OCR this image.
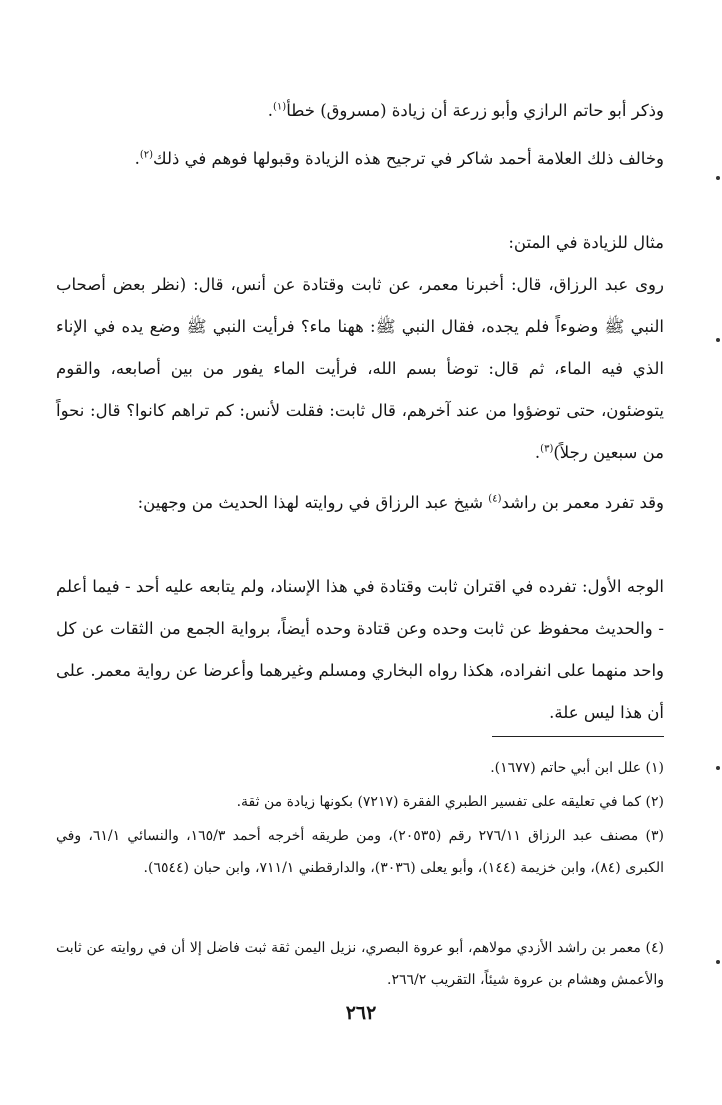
وذكر أبو حاتم الرازي وأبو زرعة أن زيادة (مسروق) خطأ$^{(١)}$.

وخالف ذلك العلامة أحمد شاكر في ترجيح هذه الزيادة وقبولها فوهم في ذلك$^{(٢)}$.

مثال للزيادة في المتن:

روى عبد الرزاق، قال: أخبرنا معمر، عن ثابت وقتادة عن أنس، قال: (نظر بعض أصحاب النبي ﷺ وضوءاً فلم يجده، فقال النبي ﷺ: ههنا ماء؟ فرأيت النبي ﷺ وضع يده في الإناء الذي فيه الماء، ثم قال: توضأ بسم الله، فرأيت الماء يفور من بين أصابعه، والقوم يتوضئون، حتى توضؤوا من عند آخرهم، قال ثابت: فقلت لأنس: كم تراهم كانوا؟ قال: نحواً من سبعين رجلاً)$^{(٣)}$.

وقد تفرد معمر بن راشد$^{(٤)}$ شيخ عبد الرزاق في روايته لهذا الحديث من وجهين:

الوجه الأول: تفرده في اقتران ثابت وقتادة في هذا الإسناد، ولم يتابعه عليه أحد - فيما أعلم - والحديث محفوظ عن ثابت وحده وعن قتادة وحده أيضاً، برواية الجمع من الثقات عن كل واحد منهما على انفراده، هكذا رواه البخاري ومسلم وغيرهما وأعرضا عن رواية معمر. على أن هذا ليس علة.

(١) علل ابن أبي حاتم (١٦٧٧).

(٢) كما في تعليقه على تفسير الطبري الفقرة (٧٢١٧) بكونها زيادة من ثقة.

(٣) مصنف عبد الرزاق ٢٧٦/١١ رقم (٢٠٥٣٥)، ومن طريقه أخرجه أحمد ١٦٥/٣، والنسائي ٦١/١، وفي الكبرى (٨٤)، وابن خزيمة (١٤٤)، وأبو يعلى (٣٠٣٦)، والدارقطني ٧١١/١، وابن حبان (٦٥٤٤).

(٤) معمر بن راشد الأزدي مولاهم، أبو عروة البصري، نزيل اليمن ثقة ثبت فاضل إلا أن في روايته عن ثابت والأعمش وهشام بن عروة شيئاً، التقريب ٢٦٦/٢.

٢٦٢
